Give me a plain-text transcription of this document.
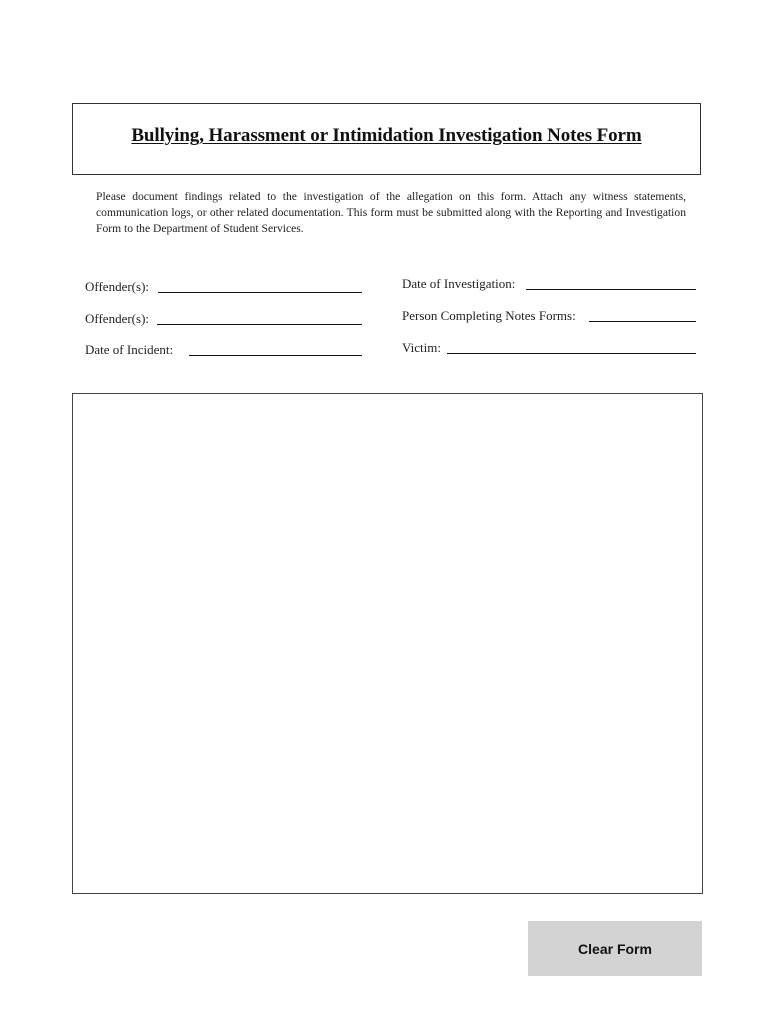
Bullying, Harassment or Intimidation Investigation Notes Form
Please document findings related to the investigation of the allegation on this form. Attach any witness statements, communication logs, or other related documentation. This form must be submitted along with the Reporting and Investigation Form to the Department of Student Services.
Offender(s):
Offender(s):
Date of Incident:
Date of Investigation:
Person Completing Notes Forms:
Victim:
Clear Form
